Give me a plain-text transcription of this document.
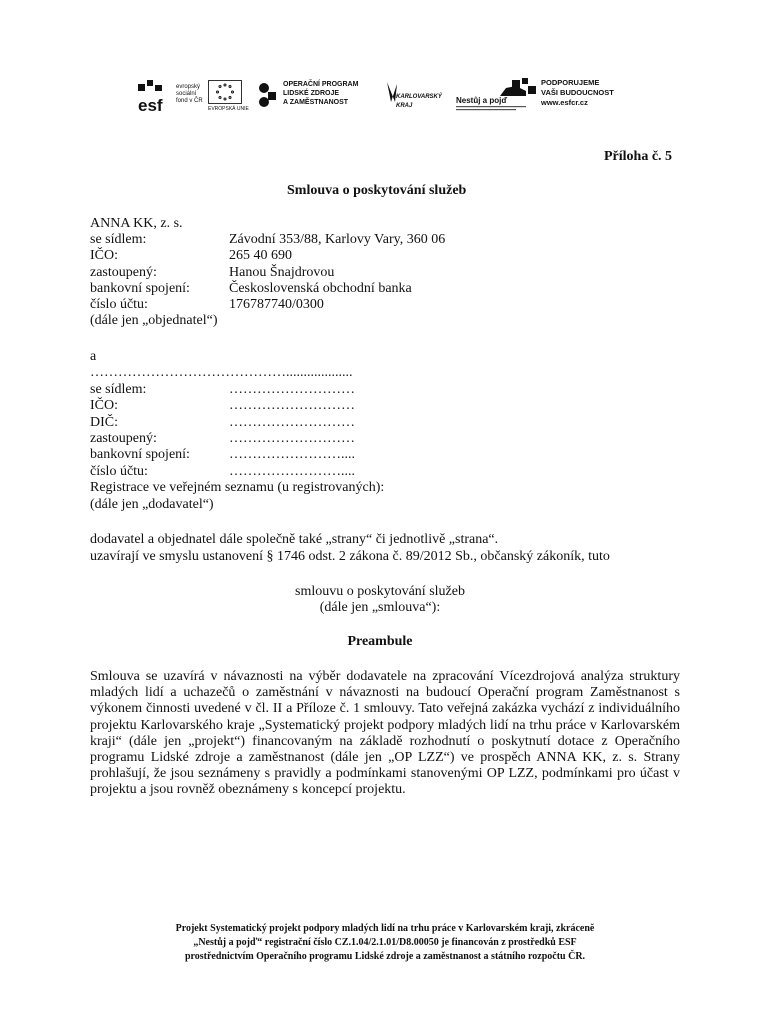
esf
evropský
sociální
fond v ČR
EVROPSKÁ UNIE
OPERAČNÍ PROGRAM
LIDSKÉ ZDROJE
A ZAMĚSTNANOST
KARLOVARSKÝ
KRAJ
Nestůj a pojď
PODPORUJEME
VAŠI BUDOUCNOST
www.esfcr.cz
Příloha č. 5
Smlouva o poskytování služeb
ANNA KK, z. s.
se sídlem:	Závodní 353/88, Karlovy Vary, 360 06
IČO:	265 40 690
zastoupený:	Hanou Šnajdrovou
bankovní spojení:	Československá obchodní banka
číslo účtu:	176787740/0300
(dále jen „objednatel“)
a
……………………………………...................
se sídlem:	………………………
IČO:	………………………
DIČ:	………………………
zastoupený:	………………………
bankovní spojení:	……………………....
číslo účtu:	……………………....
Registrace ve veřejném seznamu (u registrovaných):
(dále jen „dodavatel“)
dodavatel a objednatel dále společně také „strany“ či jednotlivě „strana“.
uzavírají ve smyslu ustanovení § 1746 odst. 2 zákona č. 89/2012 Sb., občanský zákoník, tuto
smlouvu o poskytování služeb
(dále jen „smlouva“):
Preambule
Smlouva se uzavírá v návaznosti na výběr dodavatele na zpracování Vícezdrojová analýza struktury mladých lidí a uchazečů o zaměstnání v návaznosti na budoucí Operační program Zaměstnanost s výkonem činnosti uvedené v čl. II a Příloze č. 1 smlouvy. Tato veřejná zakázka vychází z individuálního projektu Karlovarského kraje „Systematický projekt podpory mladých lidí na trhu práce v Karlovarském kraji“ (dále jen „projekt“) financovaným na základě rozhodnutí o poskytnutí dotace z Operačního programu Lidské zdroje a zaměstnanost (dále jen „OP LZZ“) ve prospěch ANNA KK, z. s. Strany prohlašují, že jsou seznámeny s pravidly a podmínkami stanovenými OP LZZ, podmínkami pro účast v projektu a jsou rovněž obeznámeny s koncepcí projektu.
Projekt Systematický projekt podpory mladých lidí na trhu práce v Karlovarském kraji, zkrácenĕ
„Nestůj a pojď“ registrační číslo CZ.1.04/2.1.01/D8.00050 je financován z prostředků ESF
prostřednictvím Operačního programu Lidské zdroje a zaměstnanost a státního rozpočtu ČR.
